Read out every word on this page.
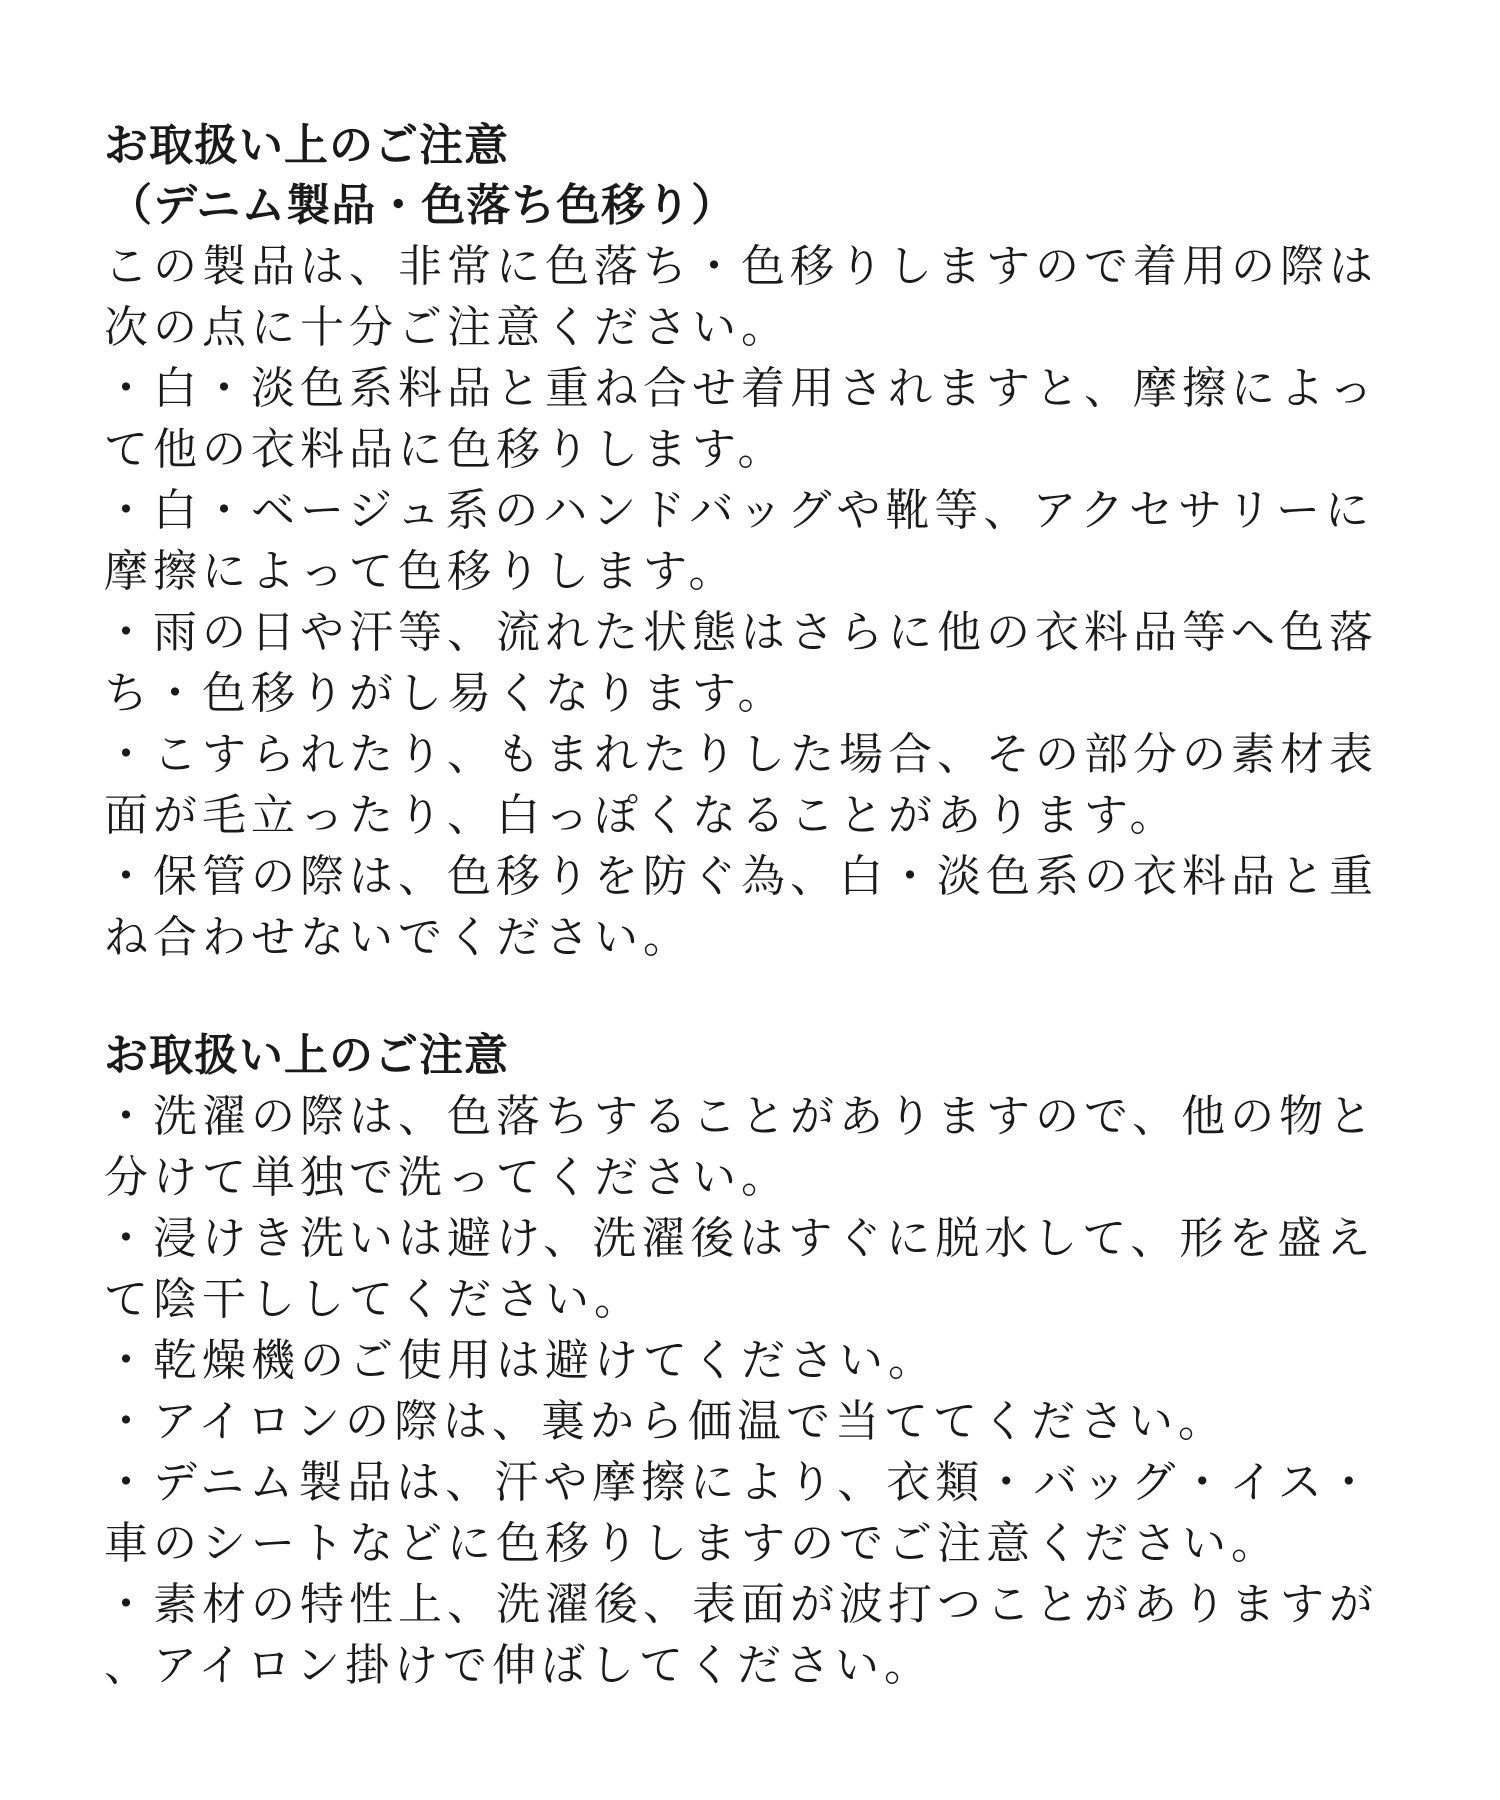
お取扱い上のご注意
（デニム製品・色落ち色移り）
この製品は、非常に色落ち・色移りしますので着用の際は
次の点に十分ご注意ください。
・白・淡色系料品と重ね合せ着用されますと、摩擦によっ
て他の衣料品に色移りします。
・白・ベージュ系のハンドバッグや靴等、アクセサリーに
摩擦によって色移りします。
・雨の日や汗等、流れた状態はさらに他の衣料品等へ色落
ち・色移りがし易くなります。
・こすられたり、もまれたりした場合、その部分の素材表
面が毛立ったり、白っぽくなることがあります。
・保管の際は、色移りを防ぐ為、白・淡色系の衣料品と重
ね合わせないでください。
お取扱い上のご注意
・洗濯の際は、色落ちすることがありますので、他の物と
分けて単独で洗ってください。
・浸けき洗いは避け、洗濯後はすぐに脱水して、形を盛え
て陰干ししてください。
・乾燥機のご使用は避けてください。
・アイロンの際は、裏から価温で当ててください。
・デニム製品は、汗や摩擦により、衣類・バッグ・イス・
車のシートなどに色移りしますのでご注意ください。
・素材の特性上、洗濯後、表面が波打つことがありますが
、アイロン掛けで伸ばしてください。
